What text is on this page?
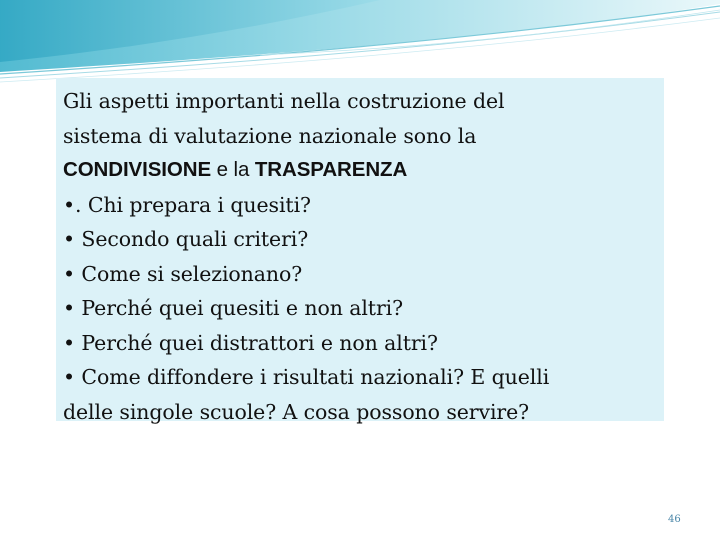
Gli aspetti importanti nella costruzione del
sistema di valutazione nazionale sono la
CONDIVISIONE e la TRASPARENZA
•. Chi prepara i quesiti?
• Secondo quali criteri?
• Come si selezionano?
• Perché quei quesiti e non altri?
• Perché quei distrattori e non altri?
• Come diffondere i risultati nazionali? E quelli
delle singole scuole? A cosa possono servire?
46
